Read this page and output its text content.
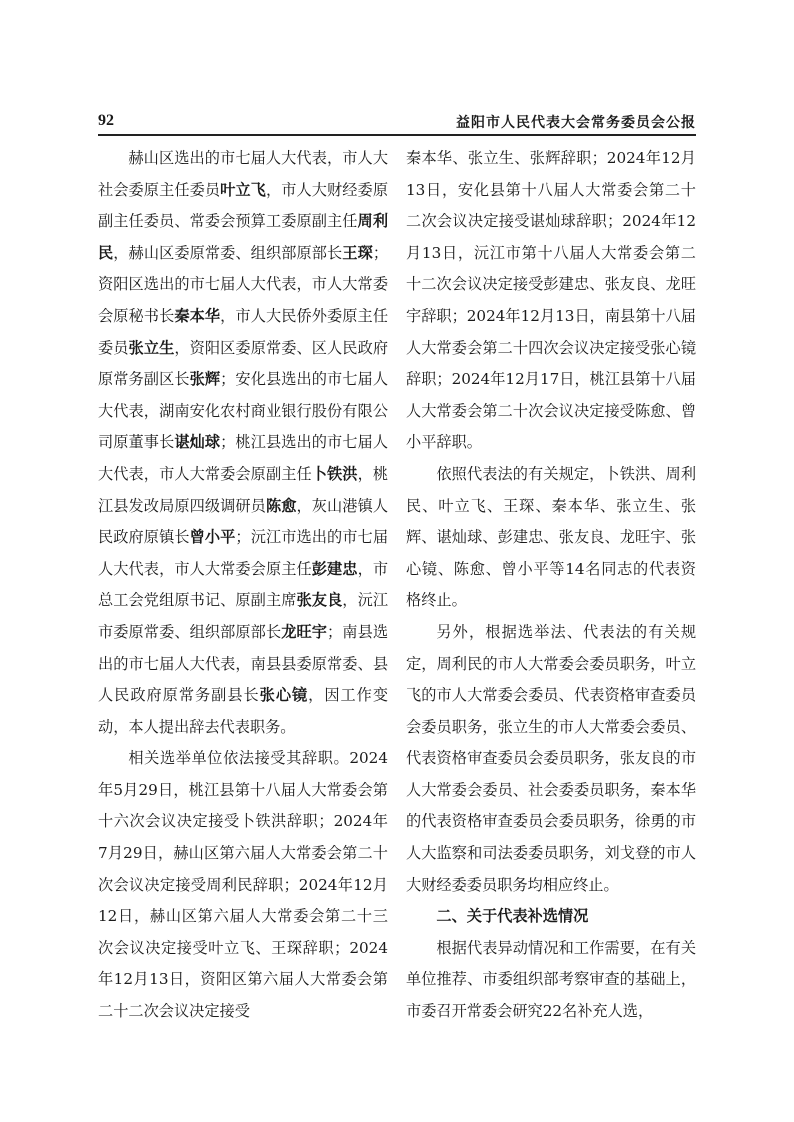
92	益阳市人民代表大会常务委员会公报

赫山区选出的市七届人大代表，市人大社会委原主任委员叶立飞，市人大财经委原副主任委员、常委会预算工委原副主任周利民，赫山区委原常委、组织部原部长王琛；资阳区选出的市七届人大代表，市人大常委会原秘书长秦本华，市人大民侨外委原主任委员张立生，资阳区委原常委、区人民政府原常务副区长张辉；安化县选出的市七届人大代表，湖南安化农村商业银行股份有限公司原董事长谌灿球；桃江县选出的市七届人大代表，市人大常委会原副主任卜铁洪，桃江县发改局原四级调研员陈愈，灰山港镇人民政府原镇长曾小平；沅江市选出的市七届人大代表，市人大常委会原主任彭建忠，市总工会党组原书记、原副主席张友良，沅江市委原常委、组织部原部长龙旺宇；南县选出的市七届人大代表，南县县委原常委、县人民政府原常务副县长张心镜，因工作变动，本人提出辞去代表职务。

相关选举单位依法接受其辞职。2024年5月29日，桃江县第十八届人大常委会第十六次会议决定接受卜铁洪辞职；2024年7月29日，赫山区第六届人大常委会第二十次会议决定接受周利民辞职；2024年12月12日，赫山区第六届人大常委会第二十三次会议决定接受叶立飞、王琛辞职；2024年12月13日，资阳区第六届人大常委会第二十二次会议决定接受

秦本华、张立生、张辉辞职；2024年12月13日，安化县第十八届人大常委会第二十二次会议决定接受谌灿球辞职；2024年12月13日，沅江市第十八届人大常委会第二十二次会议决定接受彭建忠、张友良、龙旺宇辞职；2024年12月13日，南县第十八届人大常委会第二十四次会议决定接受张心镜辞职；2024年12月17日，桃江县第十八届人大常委会第二十次会议决定接受陈愈、曾小平辞职。

依照代表法的有关规定，卜铁洪、周利民、叶立飞、王琛、秦本华、张立生、张辉、谌灿球、彭建忠、张友良、龙旺宇、张心镜、陈愈、曾小平等14名同志的代表资格终止。

另外，根据选举法、代表法的有关规定，周利民的市人大常委会委员职务，叶立飞的市人大常委会委员、代表资格审查委员会委员职务，张立生的市人大常委会委员、代表资格审查委员会委员职务，张友良的市人大常委会委员、社会委委员职务，秦本华的代表资格审查委员会委员职务，徐勇的市人大监察和司法委委员职务，刘戈登的市人大财经委委员职务均相应终止。

二、关于代表补选情况

根据代表异动情况和工作需要，在有关单位推荐、市委组织部考察审查的基础上，市委召开常委会研究22名补充人选，
